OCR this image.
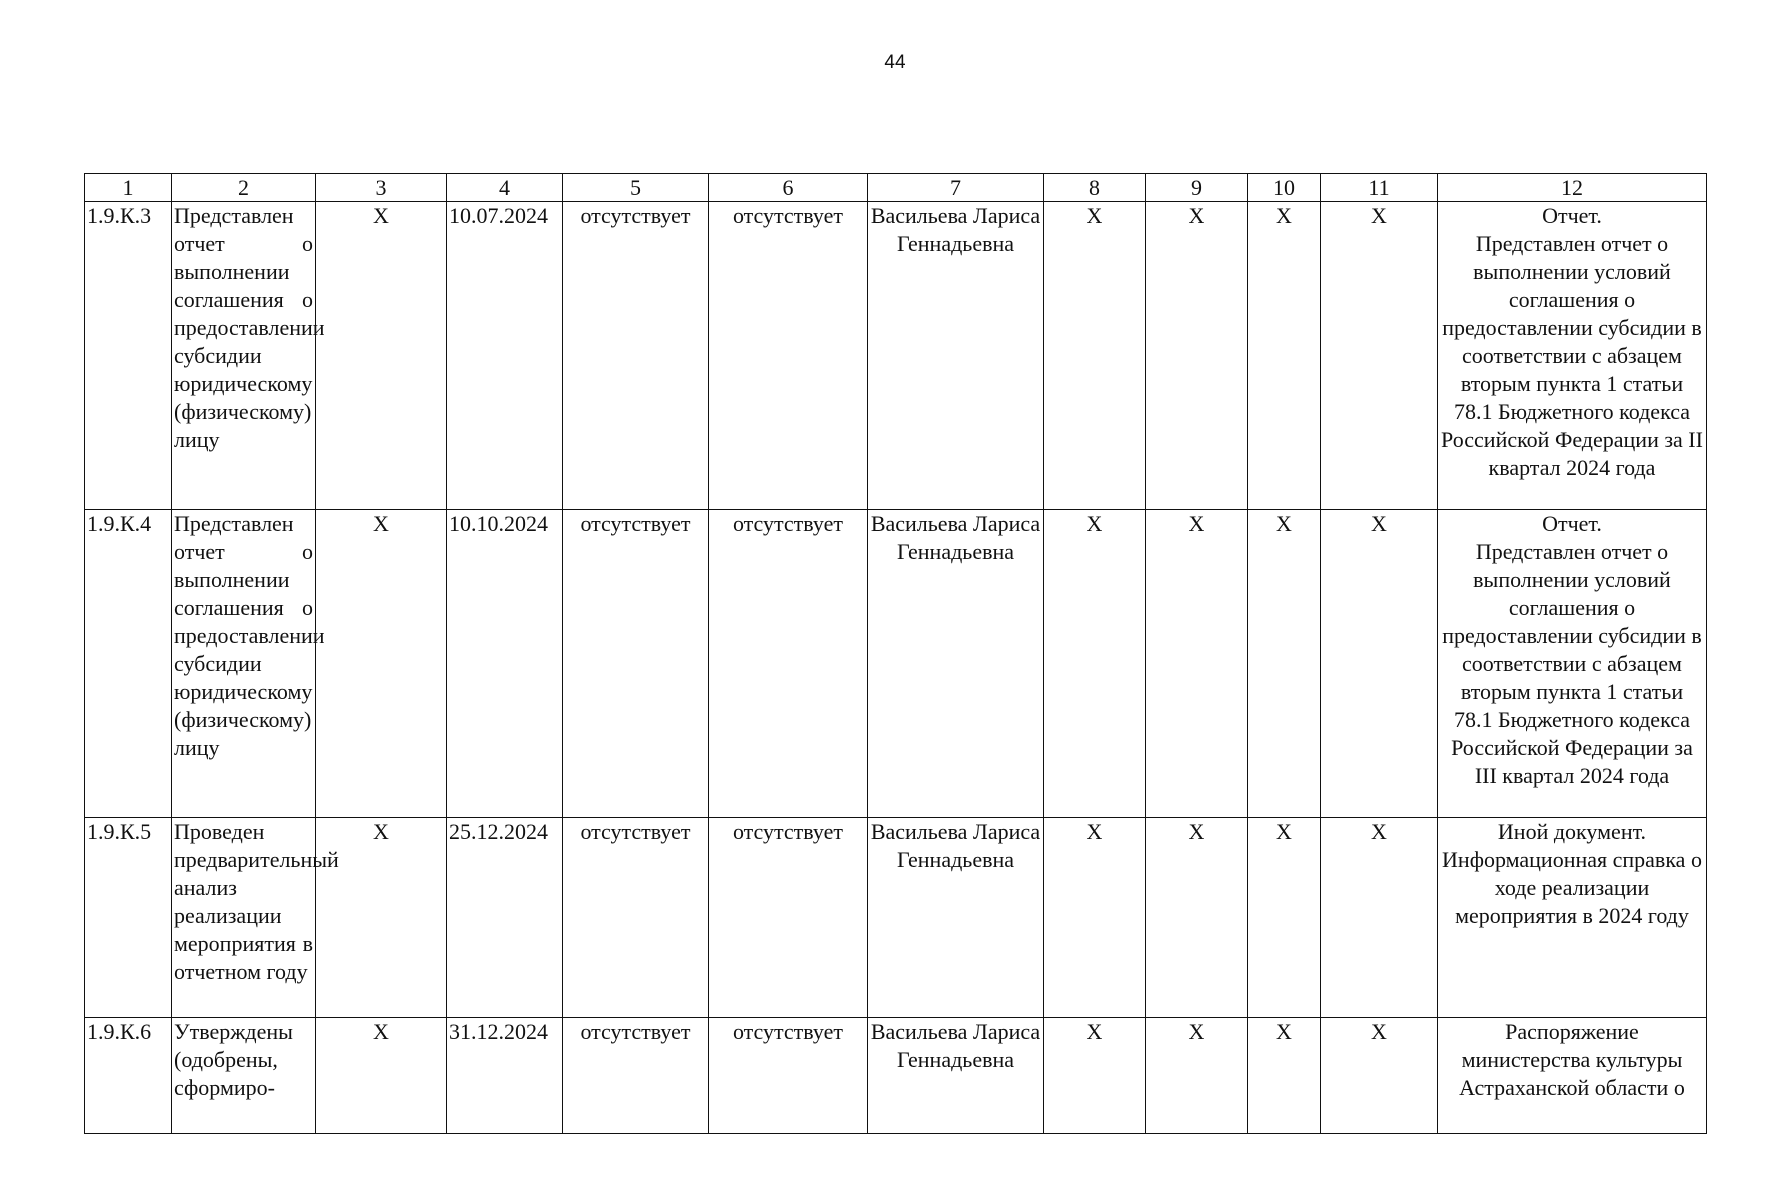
44
1	2	3	4	5	6	7	8	9	10	11	12
1.9.К.3	Представлен отчет о выполнении соглашения о предоставлении субсидии юридическому (физическому) лицу	X	10.07.2024	отсутствует	отсутствует	Васильева Лариса Геннадьевна	X	X	X	X	Отчет.
Представлен отчет о выполнении условий соглашения о предоставлении субсидии в соответствии с абзацем вторым пункта 1 статьи 78.1 Бюджетного кодекса Российской Федерации за II квартал 2024 года
1.9.К.4	Представлен отчет о выполнении соглашения о предоставлении субсидии юридическому (физическому) лицу	X	10.10.2024	отсутствует	отсутствует	Васильева Лариса Геннадьевна	X	X	X	X	Отчет.
Представлен отчет о выполнении условий соглашения о предоставлении субсидии в соответствии с абзацем вторым пункта 1 статьи 78.1 Бюджетного кодекса Российской Федерации за III квартал 2024 года
1.9.К.5	Проведен предварительный анализ реализации мероприятия в отчетном году	X	25.12.2024	отсутствует	отсутствует	Васильева Лариса Геннадьевна	X	X	X	X	Иной документ.
Информационная справка о ходе реализации мероприятия в 2024 году
1.9.К.6	Утверждены (одобрены, сформиро-	X	31.12.2024	отсутствует	отсутствует	Васильева Лариса Геннадьевна	X	X	X	X	Распоряжение министерства культуры Астраханской области о
